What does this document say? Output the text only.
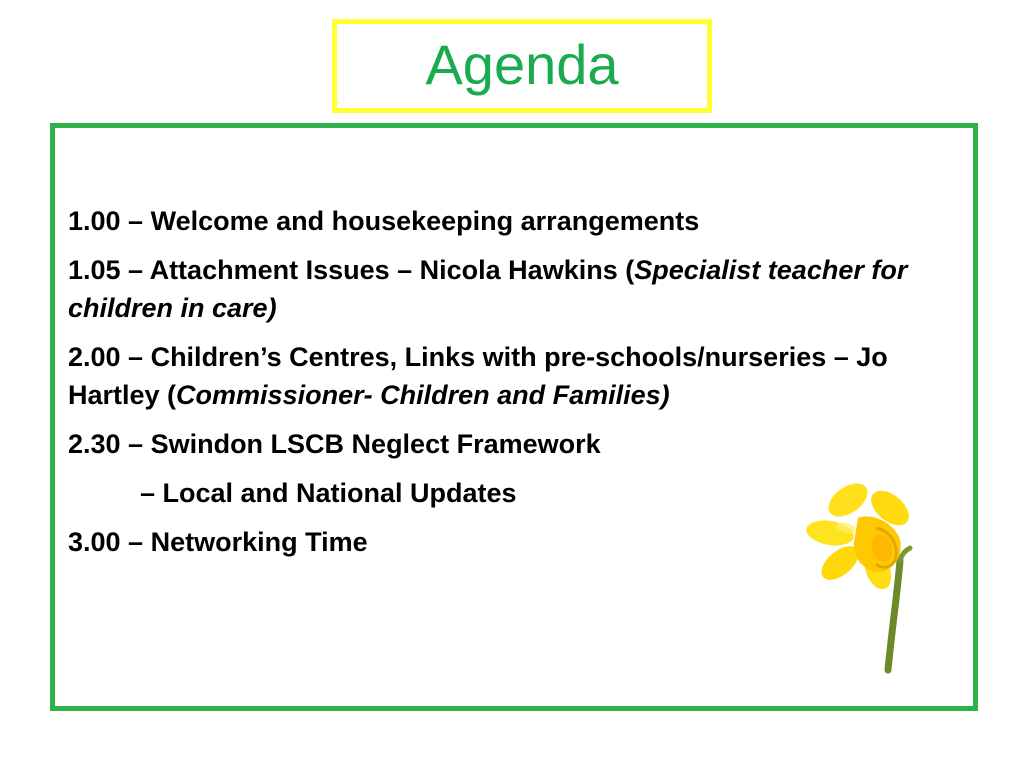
Agenda
1.00 – Welcome and housekeeping arrangements
1.05 – Attachment Issues – Nicola Hawkins (Specialist teacher for children in care)
2.00 – Children’s Centres, Links with pre-schools/nurseries – Jo Hartley (Commissioner- Children and Families)
2.30 – Swindon LSCB Neglect Framework
– Local and National Updates
3.00 – Networking Time
